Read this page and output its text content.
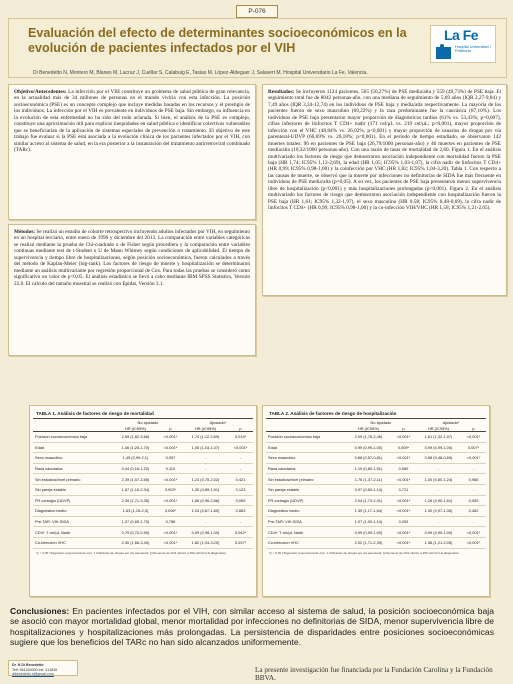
P-076
Evaluación del efecto de determinantes socioeconómicos en la evolución de pacientes infectados por el VIH
Di Benedetto N, Montero M, Blanes M, Lacruz J, Cuéllar S, Calabuig E, Tasias M, López-Aldeguer J, Salavert M. Hospital Universitario La Fe, Valencia.
La Fe
Hospital Universitari i Politècnic
Objetivo/Antecedentes: La infección por el VIH constituye un problema de salud pública de gran relevancia, en la actualidad más de 34 millones de personas en el mundo viviría con esta infección. La posición socioeconómica (PSE) es un concepto complejo que incluye medidas basadas en los recursos y el prestigio de los individuos. La infección por el VIH es prevalente en individuos de PSE baja. Sin embargo, su influencia en la evolución de esta enfermedad no ha sido del todo aclarada. Si bien, el análisis de la PSE es complejo, constituye una aproximación útil para explicar inequidades en salud pública e identificar colectivos vulnerables que se beneficiarían de la aplicación de sistemas especiales de prevención o tratamiento. El objetivo de este trabajo fue evaluar si la PSE está asociada a la evolución clínica de los pacientes infectados por el VIH, con similar acceso al sistema de salud, en la era posterior a la instauración del tratamiento antirretroviral combinado (TARc).
Métodos: Se realizó un estudio de cohorte retrospectivo incluyendo adultos infectados por VIH, en seguimiento en un hospital terciario, entre enero de 1996 y diciembre del 2013. La comparación entre variables categóricas se realizó mediante la prueba de Chi-cuadrado o de Fisher según procediera y la comparación entre variables continuas mediante test de t-Student o U de Mann Whitney según condiciones de aplicabilidad. El tiempo de supervivencia y tiempo libre de hospitalizaciones, según posición socioeconómica, fueron calculados a través del método de Kaplan-Meier (log-rank). Los factores de riesgo de muerte y hospitalización se determinaron mediante un análisis multivariante por regresión proporcional de Cox. Para todas las pruebas se consideró como significativo un valor de p<0,05. El análisis estadístico se llevó a cabo mediante IBM SPSS Statistics, Versión 22.0. El cálculo del tamaño muestral se realizó con Epidat, Versión 3.1.
Resultados: Se incluyeron 1124 pacientes, 565 (50,27%) de PSE media/alta y 559 (49,73%) de PSE baja. El seguimiento total fue de 8042 personas-año, con una mediana de seguimiento de 5,69 años (IQR 2,27-9,84) y 7,49 años (IQR 3,34-12,74) en los individuos de PSE baja y media/alta respectivamente. La mayoría de los pacientes fueron de sexo masculino (69,22%) y la raza predominante fue la caucásica (87,10%). Los individuos de PSE baja presentaron mayor proporción de diagnósticos tardíos (61% vs. 53,43%; p=0,007), cifras inferiores de linfocitos T CD4+ nadir (171 cel/μL vs. 219 cel/μL; p<0,001), mayor proporción de infección con el VHC (48,84% vs. 26,02%, p<0,001) y mayor proporción de usuarios de drogas por vía parenteral-UDVP (66,69% vs. 20,18%; p<0,001). En el período de tiempo estudiado, se observaron 142 muertes totales: 96 en pacientes de PSE baja (26,79/1000 personas-año) y 46 muertes en pacientes de PSE media/alta (10,32/1000 personas-año). Con una razón de tasas de mortalidad de 2,60. Figura 1. En el análisis multivariado los factores de riesgo que demostraron asociación independiente con mortalidad fueron la PSE baja (HR 1,74; IC95% 1,12-2,69), la edad (HR 1,05; IC95% 1,03-1,07), la cifra nadir de linfocitos T CD4+ (HR 0,99; IC95% 0,98-1,00) y la coinfección por VHC (HR 1,82; IC95% 1,04-3,20). Tabla 1. Con respecto a las causas de muerte, se observó que la muerte por infecciones no definitorias de SIDA fue más frecuente en individuos de PSE media/alta (p=0,05). A su vez, los pacientes de PSE baja presentaron menor supervivencia libre de hospitalización (p<0,001) y más hospitalizaciones prolongadas (p<0,001). Figura 2. En el análisis multivariado los factores de riesgo que demostraron asociación independiente con hospitalización fueron la PSE baja (HR 1,61; IC95% 1,32-1,97), el sexo masculino (HR 0,58; IC95% 0,48-0,69), la cifra nadir de linfocitos T CD4+ (HR 0,99; IC95% 0,98-1,00) y la co-infección VIH/VHC (HR 1,58; IC95% 1,21-2,05).
TABLA 1. Análisis de factores de riesgo de mortalidad
	No ajustado		Ajustado*	
	HR (IC95%)	p	HR (IC95%)	p
Posición socioeconómica baja	2,59 (1,82-3,66)	<0,001*	1,74 (1,12-2,69)	0,014*
Edad	1,46 (1,25-1,70)	<0,001*	1,05 (1,03-1,07)	<0,001*
Sexo masculino	1,45 (0,99-2,1)	0,057	-	-
Raza caucásica	0,44 (0,16-1,20)	0,110	-	-
Sin estudios/nivel primario	2,39 (1,57-3,65)	<0,001*	1,23 (0,75-2,02)	0,421
Sin pareja estable	1,67 (1,19-2,34)	0,003*	1,30 (0,85-1,91)	0,123
FR contagio (UDVP)	2,39 (1,71-3,35)	<0,001*	1,66 (0,96-2,86)	0,069
Diagnóstico tardío	1,63 (1,15-2,3)	0,006*	1,04 (0,67-1,60)	0,863
Pre-TAR: VIH-SIDA	1,07 (0,65-1,75)	0,788	-	-
CD4+ T cel/μL Nadir	0,79 (0,70-0,90)	<0,001*	0,99 (0,98-1,00)	0,042*
Co-infección VHC	2,30 (1,66-3,40)	<0,001*	1,82 (1,04-3,20)	0,037*
*p < 0,05 †Regresión proporcional de Cox. ‡ Utilización de drogas por vía parenteral. § Recuento de CD4 inferior a 350 cél/mm3 al diagnóstico
TABLA 2. Análisis de factores de riesgo de hospitalización
	No ajustado		Ajustado*	
	HR (IC95%)	p	HR (IC95%)	p
Posición socioeconómica baja	2,09 (1,76-2,46)	<0,001*	1,61 (1,32-1,97)	<0,001*
Edad	0,99 (0,99-1,00)	0,009*	0,99 (0,99-1,00)	0,007*
Sexo masculino	0,68 (0,57-0,81)	<0,001*	0,58 (0,48-0,69)	<0,001*
Raza caucásica	1,10 (0,80-1,51)	0,560	-	-
Sin estudios/nivel primario	1,76 (1,47-2,11)	<0,001*	1,00 (0,80-1,24)	0,968
Sin pareja estable	0,97 (0,83-1,14)	0,721	-	-
FR contagio (UDVP)	2,04 (1,73-2,41)	<0,001*	1,26 (0,90-1,61)	0,059
Diagnóstico tardío	1,39 (1,17-1,64)	<0,001*	1,00 (0,97-1,35)	0,462
Pre-TAR: VIH-SIDA	1,07 (1,00-1,14)	0,053	-	-
CD4+ T cel/μL Nadir	0,99 (0,99-1,00)	<0,001*	0,99 (0,99-1,00)	<0,001*
Co-infección VHC	2,02 (1,71-2,39)	<0,001*	1,58 (1,21-2,05)	<0,001*
*p < 0,05 †Regresión proporcional de Cox. ‡ Utilización de drogas por vía parenteral. § Recuento de CD4 inferior a 350 cél/mm3 al diagnóstico
Conclusiones: En pacientes infectados por el VIH, con similar acceso al sistema de salud, la posición socioeconómica baja se asoció con mayor mortalidad global, menor mortalidad por infecciones no definitorias de SIDA, menor supervivencia libre de hospitalizaciones y hospitalizaciones más prolongadas. La persistencia de disparidades entre posiciones socioeconómicas sugiere que los beneficios del TARc no han sido alcanzados uniformemente.
Dr. N Di Benedetto
Telf: 961244000 ext. 411849
dibenedetto.n@gmail.com
La presente investigación fue financiada por la Fundación Carolina y la Fundación BBVA.
